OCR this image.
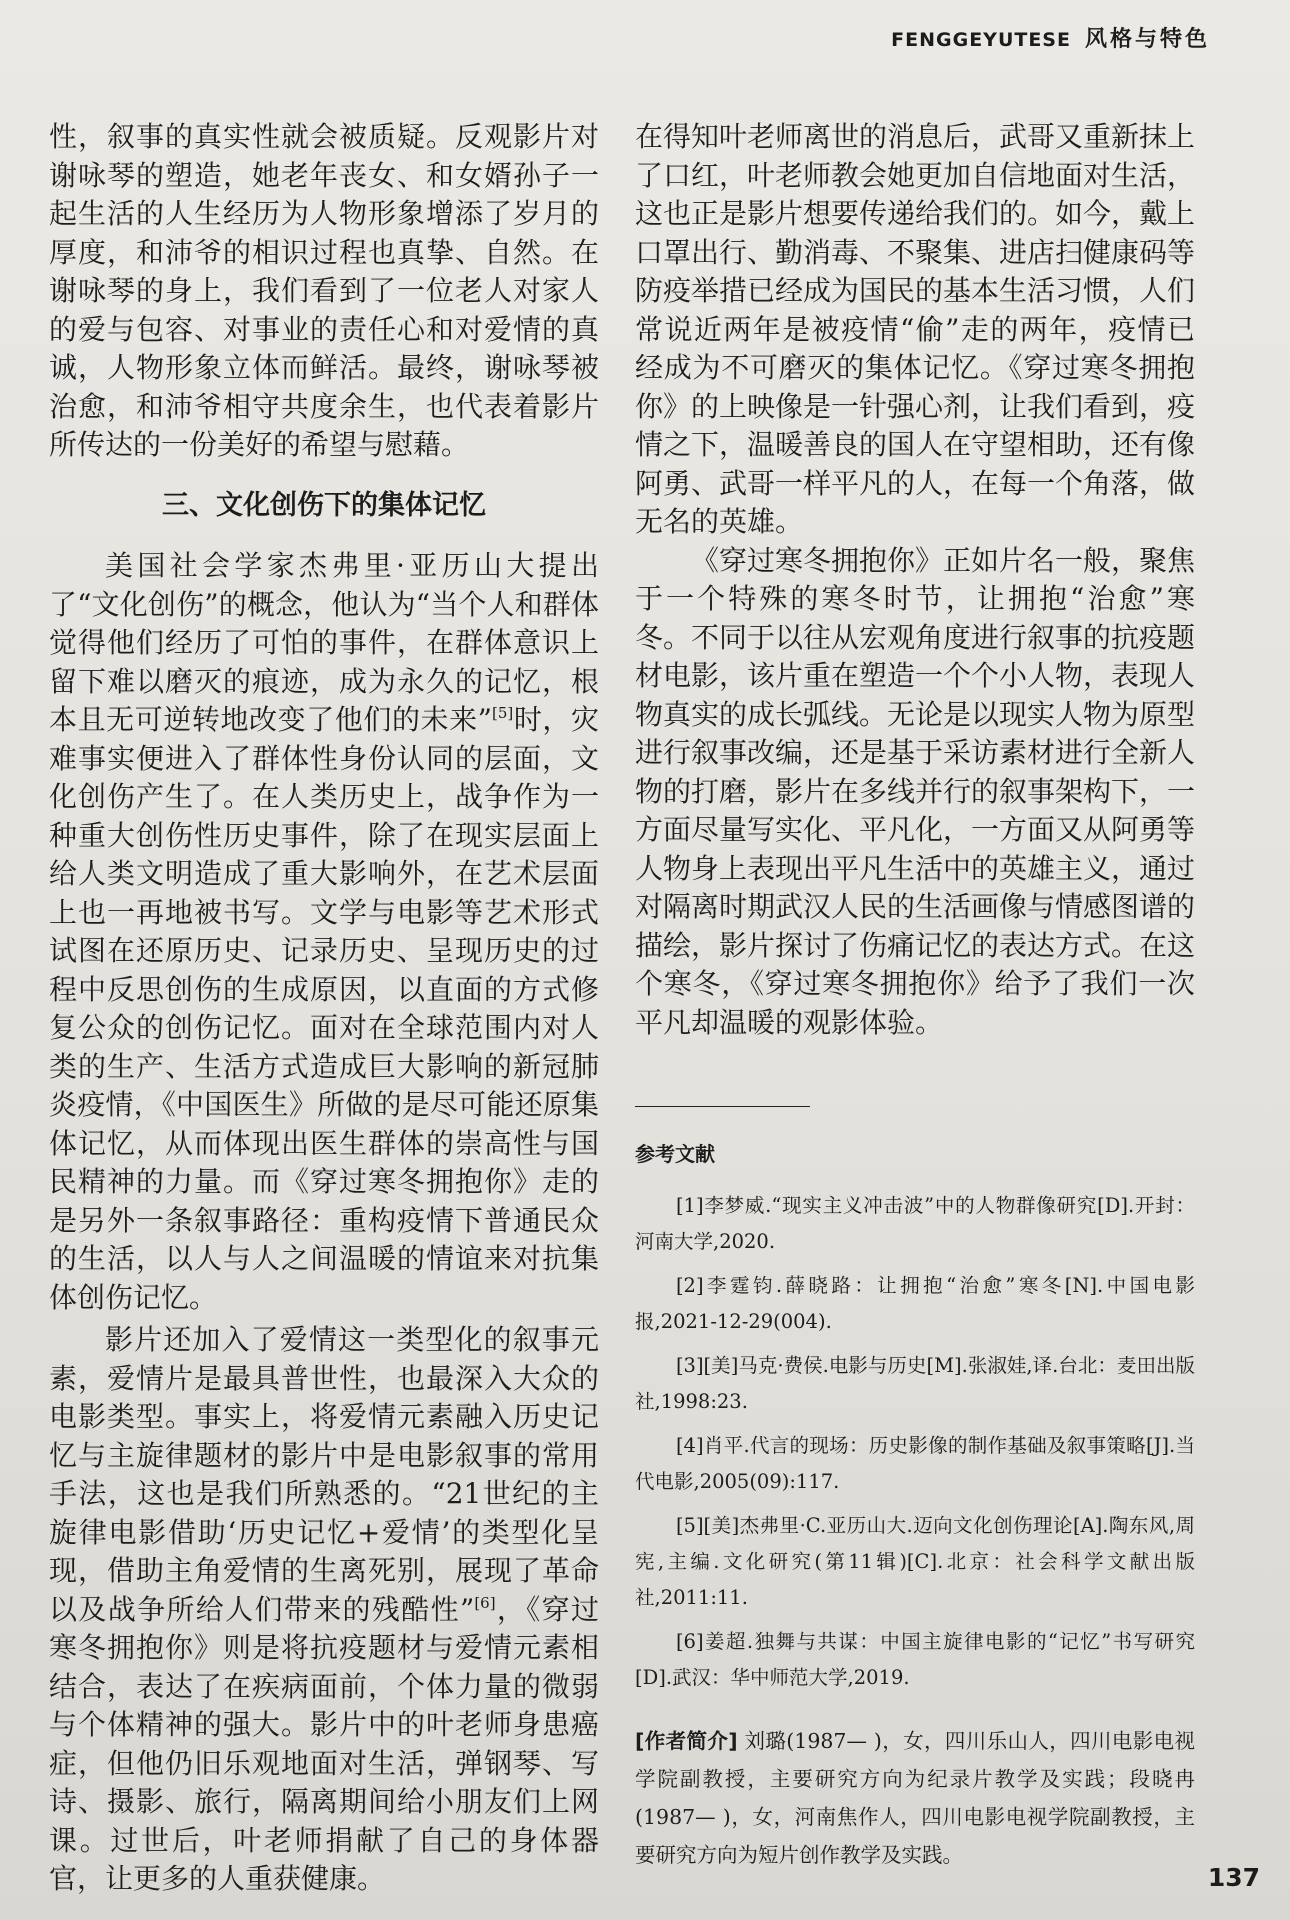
FENGGEYUTESE 风格与特色

性，叙事的真实性就会被质疑。反观影片对谢咏琴的塑造，她老年丧女、和女婿孙子一起生活的人生经历为人物形象增添了岁月的厚度，和沛爷的相识过程也真挚、自然。在谢咏琴的身上，我们看到了一位老人对家人的爱与包容、对事业的责任心和对爱情的真诚，人物形象立体而鲜活。最终，谢咏琴被治愈，和沛爷相守共度余生，也代表着影片所传达的一份美好的希望与慰藉。

三、文化创伤下的集体记忆

美国社会学家杰弗里·亚历山大提出了“文化创伤”的概念，他认为“当个人和群体觉得他们经历了可怕的事件，在群体意识上留下难以磨灭的痕迹，成为永久的记忆，根本且无可逆转地改变了他们的未来”[5]时，灾难事实便进入了群体性身份认同的层面，文化创伤产生了。在人类历史上，战争作为一种重大创伤性历史事件，除了在现实层面上给人类文明造成了重大影响外，在艺术层面上也一再地被书写。文学与电影等艺术形式试图在还原历史、记录历史、呈现历史的过程中反思创伤的生成原因，以直面的方式修复公众的创伤记忆。面对在全球范围内对人类的生产、生活方式造成巨大影响的新冠肺炎疫情，《中国医生》所做的是尽可能还原集体记忆，从而体现出医生群体的崇高性与国民精神的力量。而《穿过寒冬拥抱你》走的是另外一条叙事路径：重构疫情下普通民众的生活，以人与人之间温暖的情谊来对抗集体创伤记忆。

影片还加入了爱情这一类型化的叙事元素，爱情片是最具普世性，也最深入大众的电影类型。事实上，将爱情元素融入历史记忆与主旋律题材的影片中是电影叙事的常用手法，这也是我们所熟悉的。“21世纪的主旋律电影借助‘历史记忆+爱情’的类型化呈现，借助主角爱情的生离死别，展现了革命以及战争所给人们带来的残酷性”[6]，《穿过寒冬拥抱你》则是将抗疫题材与爱情元素相结合，表达了在疾病面前，个体力量的微弱与个体精神的强大。影片中的叶老师身患癌症，但他仍旧乐观地面对生活，弹钢琴、写诗、摄影、旅行，隔离期间给小朋友们上网课。过世后，叶老师捐献了自己的身体器官，让更多的人重获健康。

在得知叶老师离世的消息后，武哥又重新抹上了口红，叶老师教会她更加自信地面对生活，这也正是影片想要传递给我们的。如今，戴上口罩出行、勤消毒、不聚集、进店扫健康码等防疫举措已经成为国民的基本生活习惯，人们常说近两年是被疫情“偷”走的两年，疫情已经成为不可磨灭的集体记忆。《穿过寒冬拥抱你》的上映像是一针强心剂，让我们看到，疫情之下，温暖善良的国人在守望相助，还有像阿勇、武哥一样平凡的人，在每一个角落，做无名的英雄。

《穿过寒冬拥抱你》正如片名一般，聚焦于一个特殊的寒冬时节，让拥抱“治愈”寒冬。不同于以往从宏观角度进行叙事的抗疫题材电影，该片重在塑造一个个小人物，表现人物真实的成长弧线。无论是以现实人物为原型进行叙事改编，还是基于采访素材进行全新人物的打磨，影片在多线并行的叙事架构下，一方面尽量写实化、平凡化，一方面又从阿勇等人物身上表现出平凡生活中的英雄主义，通过对隔离时期武汉人民的生活画像与情感图谱的描绘，影片探讨了伤痛记忆的表达方式。在这个寒冬，《穿过寒冬拥抱你》给予了我们一次平凡却温暖的观影体验。

参考文献

[1]李梦威.“现实主义冲击波”中的人物群像研究[D].开封：河南大学,2020.

[2]李霆钧.薛晓路：让拥抱“治愈”寒冬[N].中国电影报,2021-12-29(004).

[3][美]马克·费侯.电影与历史[M].张淑娃,译.台北：麦田出版社,1998:23.

[4]肖平.代言的现场：历史影像的制作基础及叙事策略[J].当代电影,2005(09):117.

[5][美]杰弗里·C.亚历山大.迈向文化创伤理论[A].陶东风,周宪,主编.文化研究(第11辑)[C].北京：社会科学文献出版社,2011:11.

[6]姜超.独舞与共谋：中国主旋律电影的“记忆”书写研究[D].武汉：华中师范大学,2019.

[作者简介] 刘璐(1987— )，女，四川乐山人，四川电影电视学院副教授，主要研究方向为纪录片教学及实践；段晓冉(1987— )，女，河南焦作人，四川电影电视学院副教授，主要研究方向为短片创作教学及实践。

137
